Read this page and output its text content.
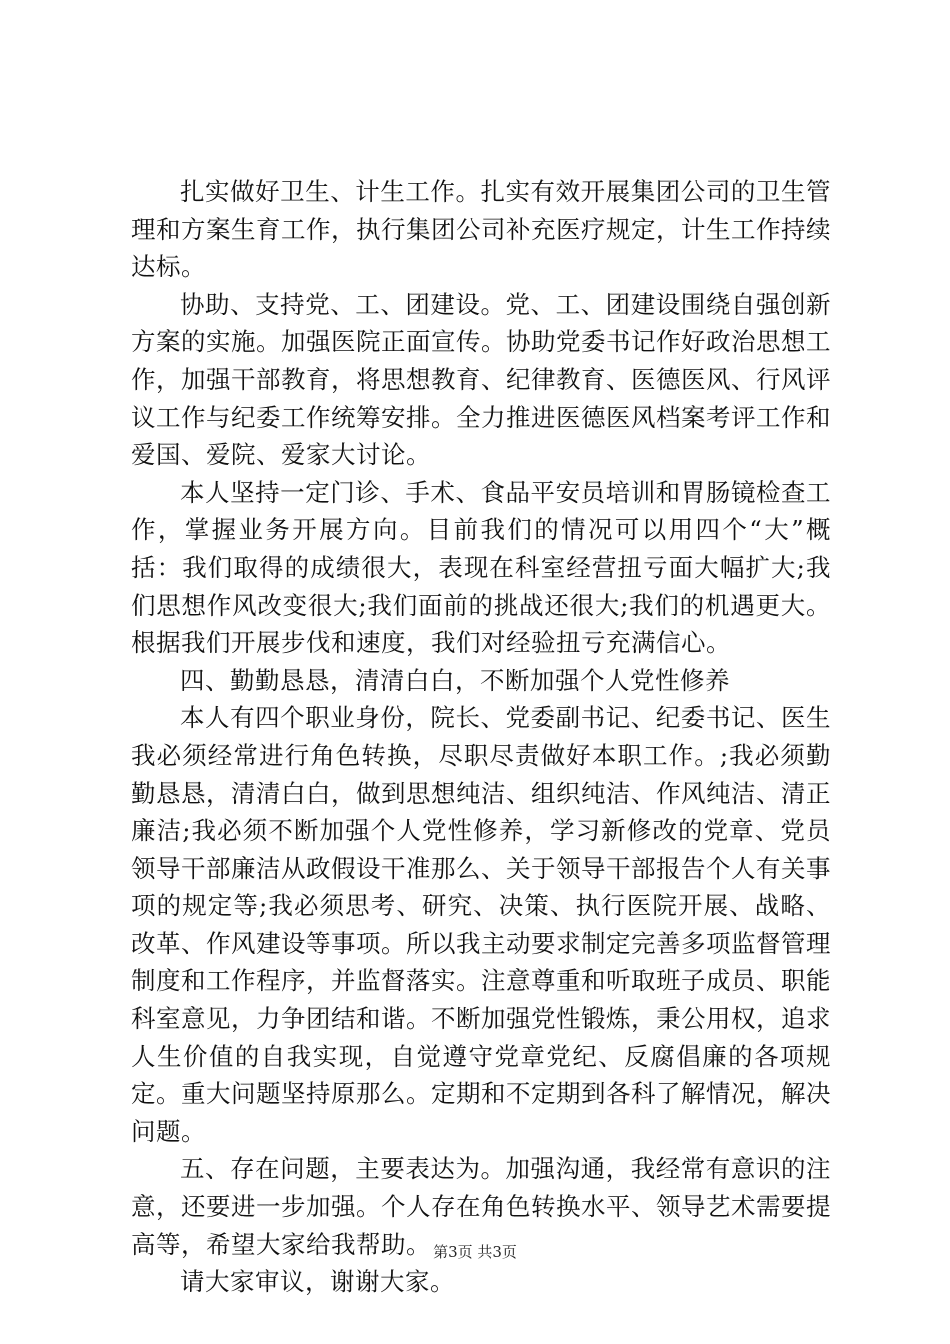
扎实做好卫生、计生工作。扎实有效开展集团公司的卫生管理和方案生育工作，执行集团公司补充医疗规定，计生工作持续达标。

协助、支持党、工、团建设。党、工、团建设围绕自强创新方案的实施。加强医院正面宣传。协助党委书记作好政治思想工作，加强干部教育，将思想教育、纪律教育、医德医风、行风评议工作与纪委工作统筹安排。全力推进医德医风档案考评工作和爱国、爱院、爱家大讨论。

本人坚持一定门诊、手术、食品平安员培训和胃肠镜检查工作，掌握业务开展方向。目前我们的情况可以用四个“大”概括：我们取得的成绩很大，表现在科室经营扭亏面大幅扩大;我们思想作风改变很大;我们面前的挑战还很大;我们的机遇更大。根据我们开展步伐和速度，我们对经验扭亏充满信心。

四、勤勤恳恳，清清白白，不断加强个人党性修养

本人有四个职业身份，院长、党委副书记、纪委书记、医生我必须经常进行角色转换，尽职尽责做好本职工作。;我必须勤勤恳恳，清清白白，做到思想纯洁、组织纯洁、作风纯洁、清正廉洁;我必须不断加强个人党性修养，学习新修改的党章、党员领导干部廉洁从政假设干准那么、关于领导干部报告个人有关事项的规定等;我必须思考、研究、决策、执行医院开展、战略、改革、作风建设等事项。所以我主动要求制定完善多项监督管理制度和工作程序，并监督落实。注意尊重和听取班子成员、职能科室意见，力争团结和谐。不断加强党性锻炼，秉公用权，追求人生价值的自我实现，自觉遵守党章党纪、反腐倡廉的各项规定。重大问题坚持原那么。定期和不定期到各科了解情况，解决问题。

五、存在问题，主要表达为。加强沟通，我经常有意识的注意，还要进一步加强。个人存在角色转换水平、领导艺术需要提高等，希望大家给我帮助。

请大家审议，谢谢大家。

第3页 共3页
